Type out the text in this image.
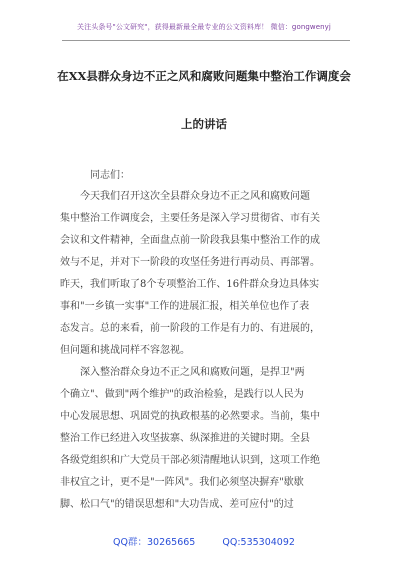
关注头条号"公文研究"，获得最新最全最专业的公文资料库！ 微信：gongwenyj
在XX县群众身边不正之风和腐败问题集中整治工作调度会
上的讲话
同志们：
　　今天我们召开这次全县群众身边不正之风和腐败问题
集中整治工作调度会，主要任务是深入学习贯彻省、市有关
会议和文件精神，全面盘点前一阶段我县集中整治工作的成
效与不足，并对下一阶段的攻坚任务进行再动员、再部署。
昨天，我们听取了8个专项整治工作、16件群众身边具体实
事和"一乡镇一实事"工作的进展汇报，相关单位也作了表
态发言。总的来看，前一阶段的工作是有力的、有进展的，
但问题和挑战同样不容忽视。
　　深入整治群众身边不正之风和腐败问题，是捍卫"两
个确立"、做到"两个维护"的政治检验，是践行以人民为
中心发展思想、巩固党的执政根基的必然要求。当前，集中
整治工作已经进入攻坚拔寨、纵深推进的关键时期。全县
各级党组织和广大党员干部必须清醒地认识到，这项工作绝
非权宜之计，更不是"一阵风"。我们必须坚决摒弃"歇歇
脚、松口气"的错误思想和"大功告成、差可应付"的过
QQ群：30265665	QQ:535304092
